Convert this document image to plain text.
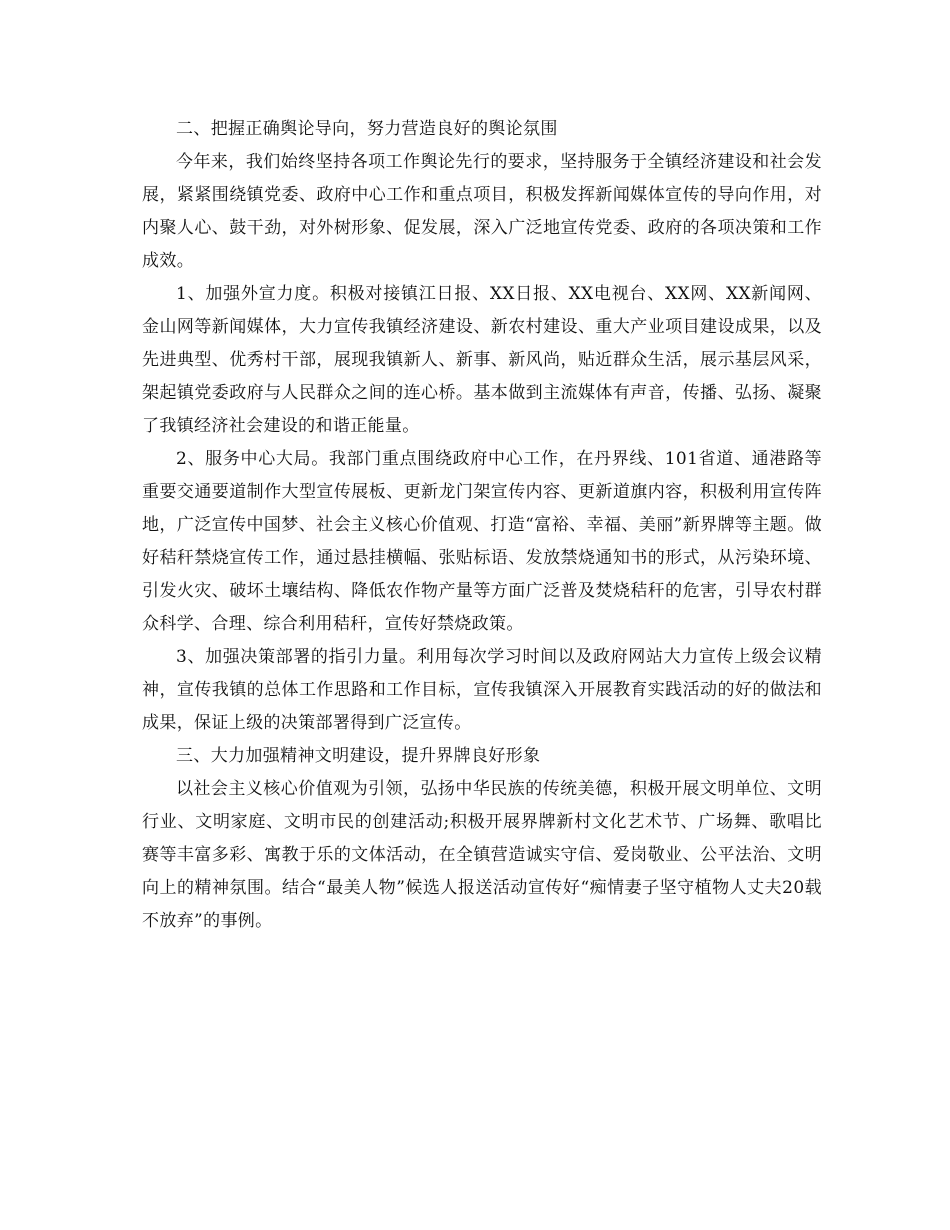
二、把握正确舆论导向，努力营造良好的舆论氛围

今年来，我们始终坚持各项工作舆论先行的要求，坚持服务于全镇经济建设和社会发展，紧紧围绕镇党委、政府中心工作和重点项目，积极发挥新闻媒体宣传的导向作用，对内聚人心、鼓干劲，对外树形象、促发展，深入广泛地宣传党委、政府的各项决策和工作成效。

1、加强外宣力度。积极对接镇江日报、XX日报、XX电视台、XX网、XX新闻网、金山网等新闻媒体，大力宣传我镇经济建设、新农村建设、重大产业项目建设成果，以及先进典型、优秀村干部，展现我镇新人、新事、新风尚，贴近群众生活，展示基层风采，架起镇党委政府与人民群众之间的连心桥。基本做到主流媒体有声音，传播、弘扬、凝聚了我镇经济社会建设的和谐正能量。

2、服务中心大局。我部门重点围绕政府中心工作，在丹界线、101省道、通港路等重要交通要道制作大型宣传展板、更新龙门架宣传内容、更新道旗内容，积极利用宣传阵地，广泛宣传中国梦、社会主义核心价值观、打造“富裕、幸福、美丽”新界牌等主题。做好秸秆禁烧宣传工作，通过悬挂横幅、张贴标语、发放禁烧通知书的形式，从污染环境、引发火灾、破坏土壤结构、降低农作物产量等方面广泛普及焚烧秸秆的危害，引导农村群众科学、合理、综合利用秸秆，宣传好禁烧政策。

3、加强决策部署的指引力量。利用每次学习时间以及政府网站大力宣传上级会议精神，宣传我镇的总体工作思路和工作目标，宣传我镇深入开展教育实践活动的好的做法和成果，保证上级的决策部署得到广泛宣传。

三、大力加强精神文明建设，提升界牌良好形象

以社会主义核心价值观为引领，弘扬中华民族的传统美德，积极开展文明单位、文明行业、文明家庭、文明市民的创建活动;积极开展界牌新村文化艺术节、广场舞、歌唱比赛等丰富多彩、寓教于乐的文体活动，在全镇营造诚实守信、爱岗敬业、公平法治、文明向上的精神氛围。结合“最美人物”候选人报送活动宣传好“痴情妻子坚守植物人丈夫20载不放弃”的事例。
